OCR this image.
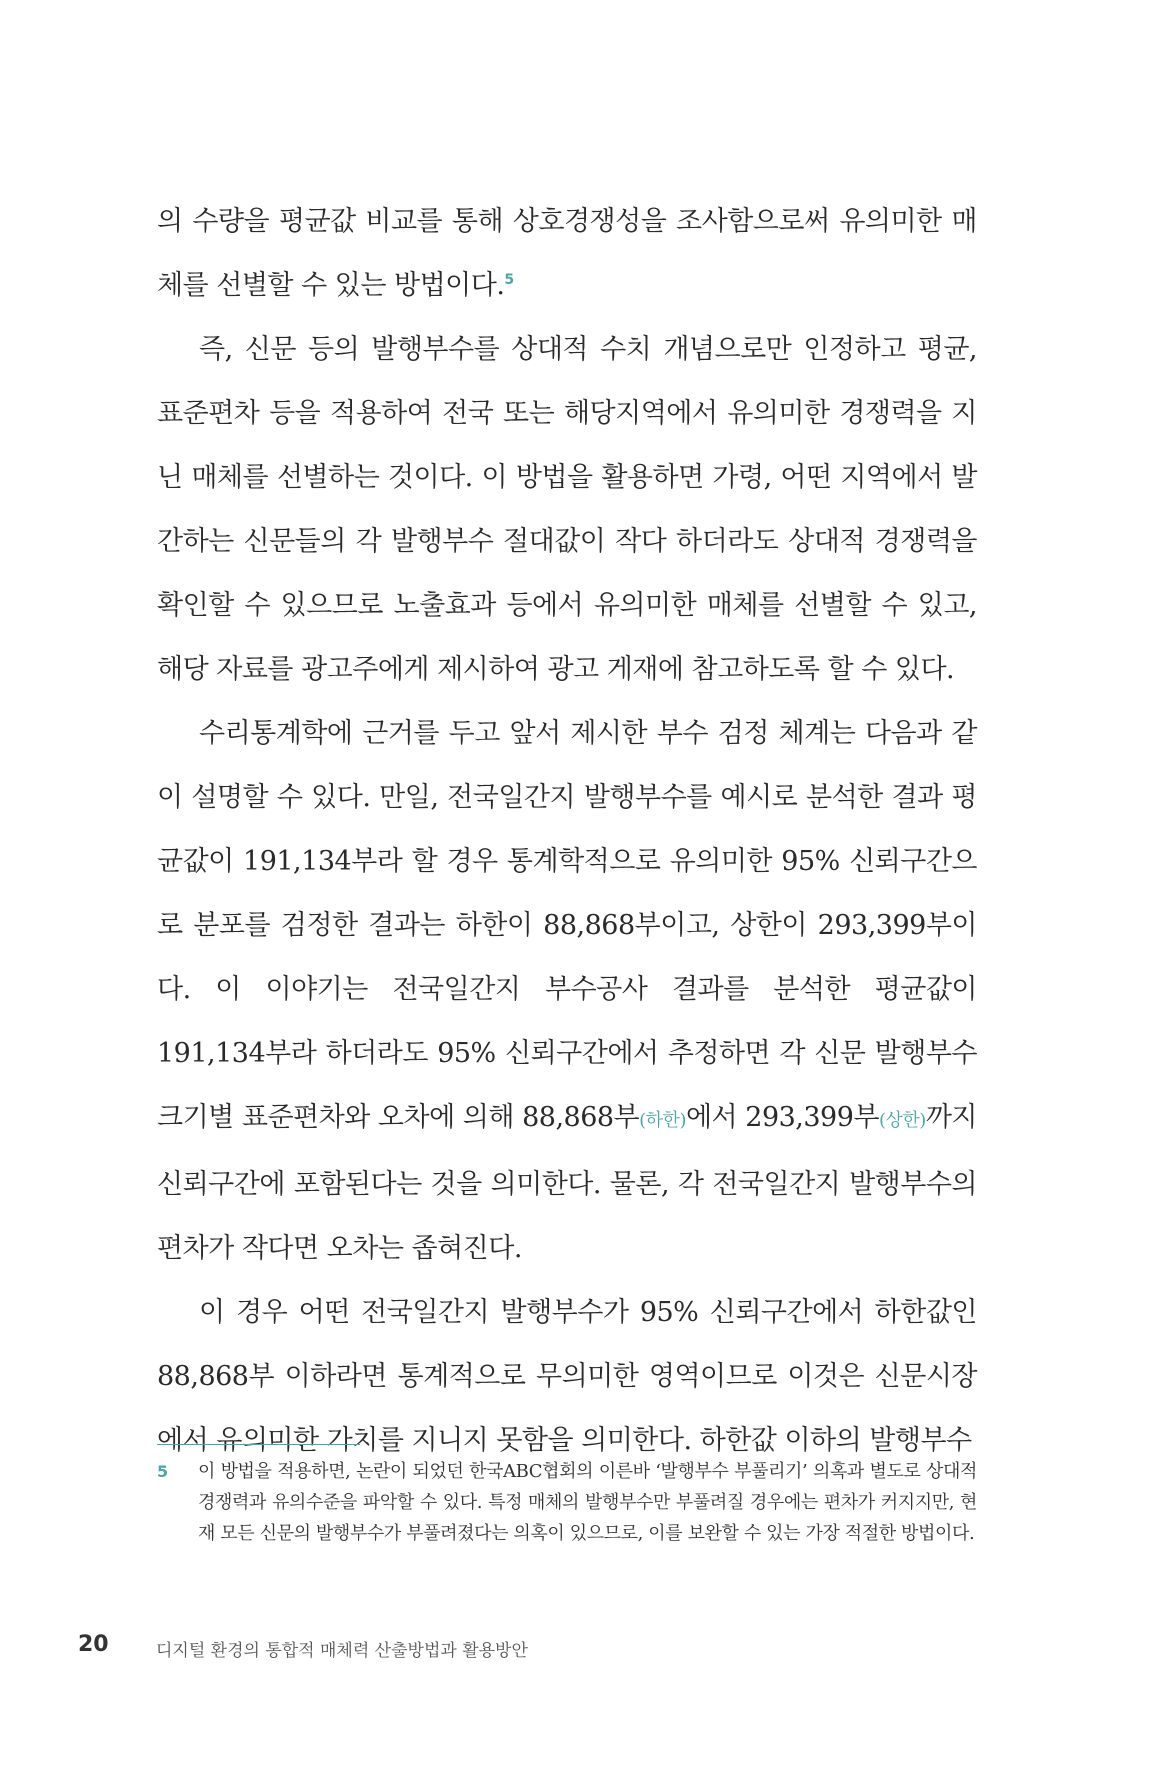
의 수량을 평균값 비교를 통해 상호경쟁성을 조사함으로써 유의미한 매체를 선별할 수 있는 방법이다.$^5$

즉, 신문 등의 발행부수를 상대적 수치 개념으로만 인정하고 평균, 표준편차 등을 적용하여 전국 또는 해당지역에서 유의미한 경쟁력을 지닌 매체를 선별하는 것이다. 이 방법을 활용하면 가령, 어떤 지역에서 발간하는 신문들의 각 발행부수 절대값이 작다 하더라도 상대적 경쟁력을 확인할 수 있으므로 노출효과 등에서 유의미한 매체를 선별할 수 있고, 해당 자료를 광고주에게 제시하여 광고 게재에 참고하도록 할 수 있다.

수리통계학에 근거를 두고 앞서 제시한 부수 검정 체계는 다음과 같이 설명할 수 있다. 만일, 전국일간지 발행부수를 예시로 분석한 결과 평균값이 191,134부라 할 경우 통계학적으로 유의미한 95% 신뢰구간으로 분포를 검정한 결과는 하한이 88,868부이고, 상한이 293,399부이다. 이 이야기는 전국일간지 부수공사 결과를 분석한 평균값이 191,134부라 하더라도 95% 신뢰구간에서 추정하면 각 신문 발행부수 크기별 표준편차와 오차에 의해 88,868부(하한)에서 293,399부(상한)까지 신뢰구간에 포함된다는 것을 의미한다. 물론, 각 전국일간지 발행부수의 편차가 작다면 오차는 좁혀진다.

이 경우 어떤 전국일간지 발행부수가 95% 신뢰구간에서 하한값인 88,868부 이하라면 통계적으로 무의미한 영역이므로 이것은 신문시장에서 유의미한 가치를 지니지 못함을 의미한다. 하한값 이하의 발행부수

5 이 방법을 적용하면, 논란이 되었던 한국ABC협회의 이른바 ‘발행부수 부풀리기’ 의혹과 별도로 상대적 경쟁력과 유의수준을 파악할 수 있다. 특정 매체의 발행부수만 부풀려질 경우에는 편차가 커지지만, 현재 모든 신문의 발행부수가 부풀려졌다는 의혹이 있으므로, 이를 보완할 수 있는 가장 적절한 방법이다.
20	디지털 환경의 통합적 매체력 산출방법과 활용방안
